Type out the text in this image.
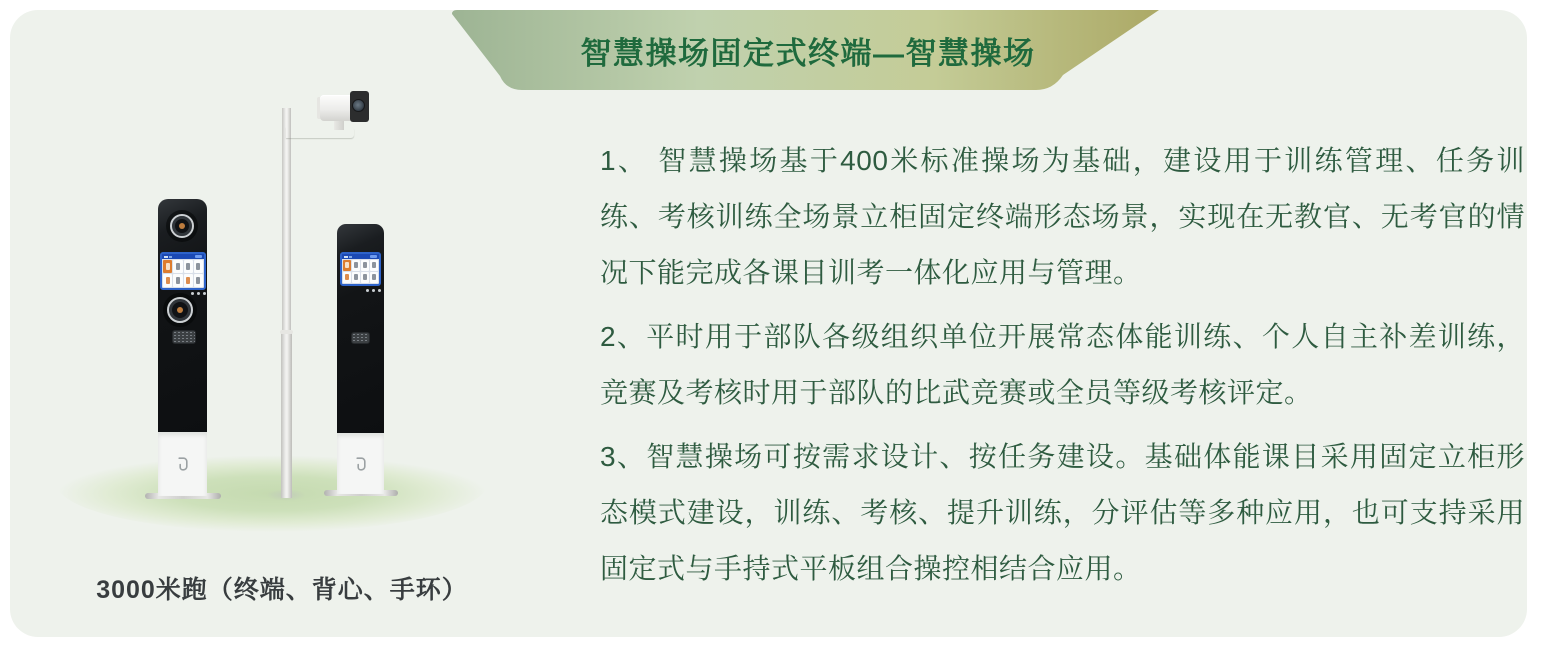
智慧操场固定式终端—智慧操场
3000米跑（终端、背心、手环）

1、 智慧操场基于400米标准操场为基础，建设用于训练管理、任务训练、考核训练全场景立柜固定终端形态场景，实现在无教官、无考官的情况下能完成各课目训考一体化应用与管理。

2、平时用于部队各级组织单位开展常态体能训练、个人自主补差训练，竞赛及考核时用于部队的比武竞赛或全员等级考核评定。

3、智慧操场可按需求设计、按任务建设。基础体能课目采用固定立柜形态模式建设，训练、考核、提升训练，分评估等多种应用，也可支持采用固定式与手持式平板组合操控相结合应用。
